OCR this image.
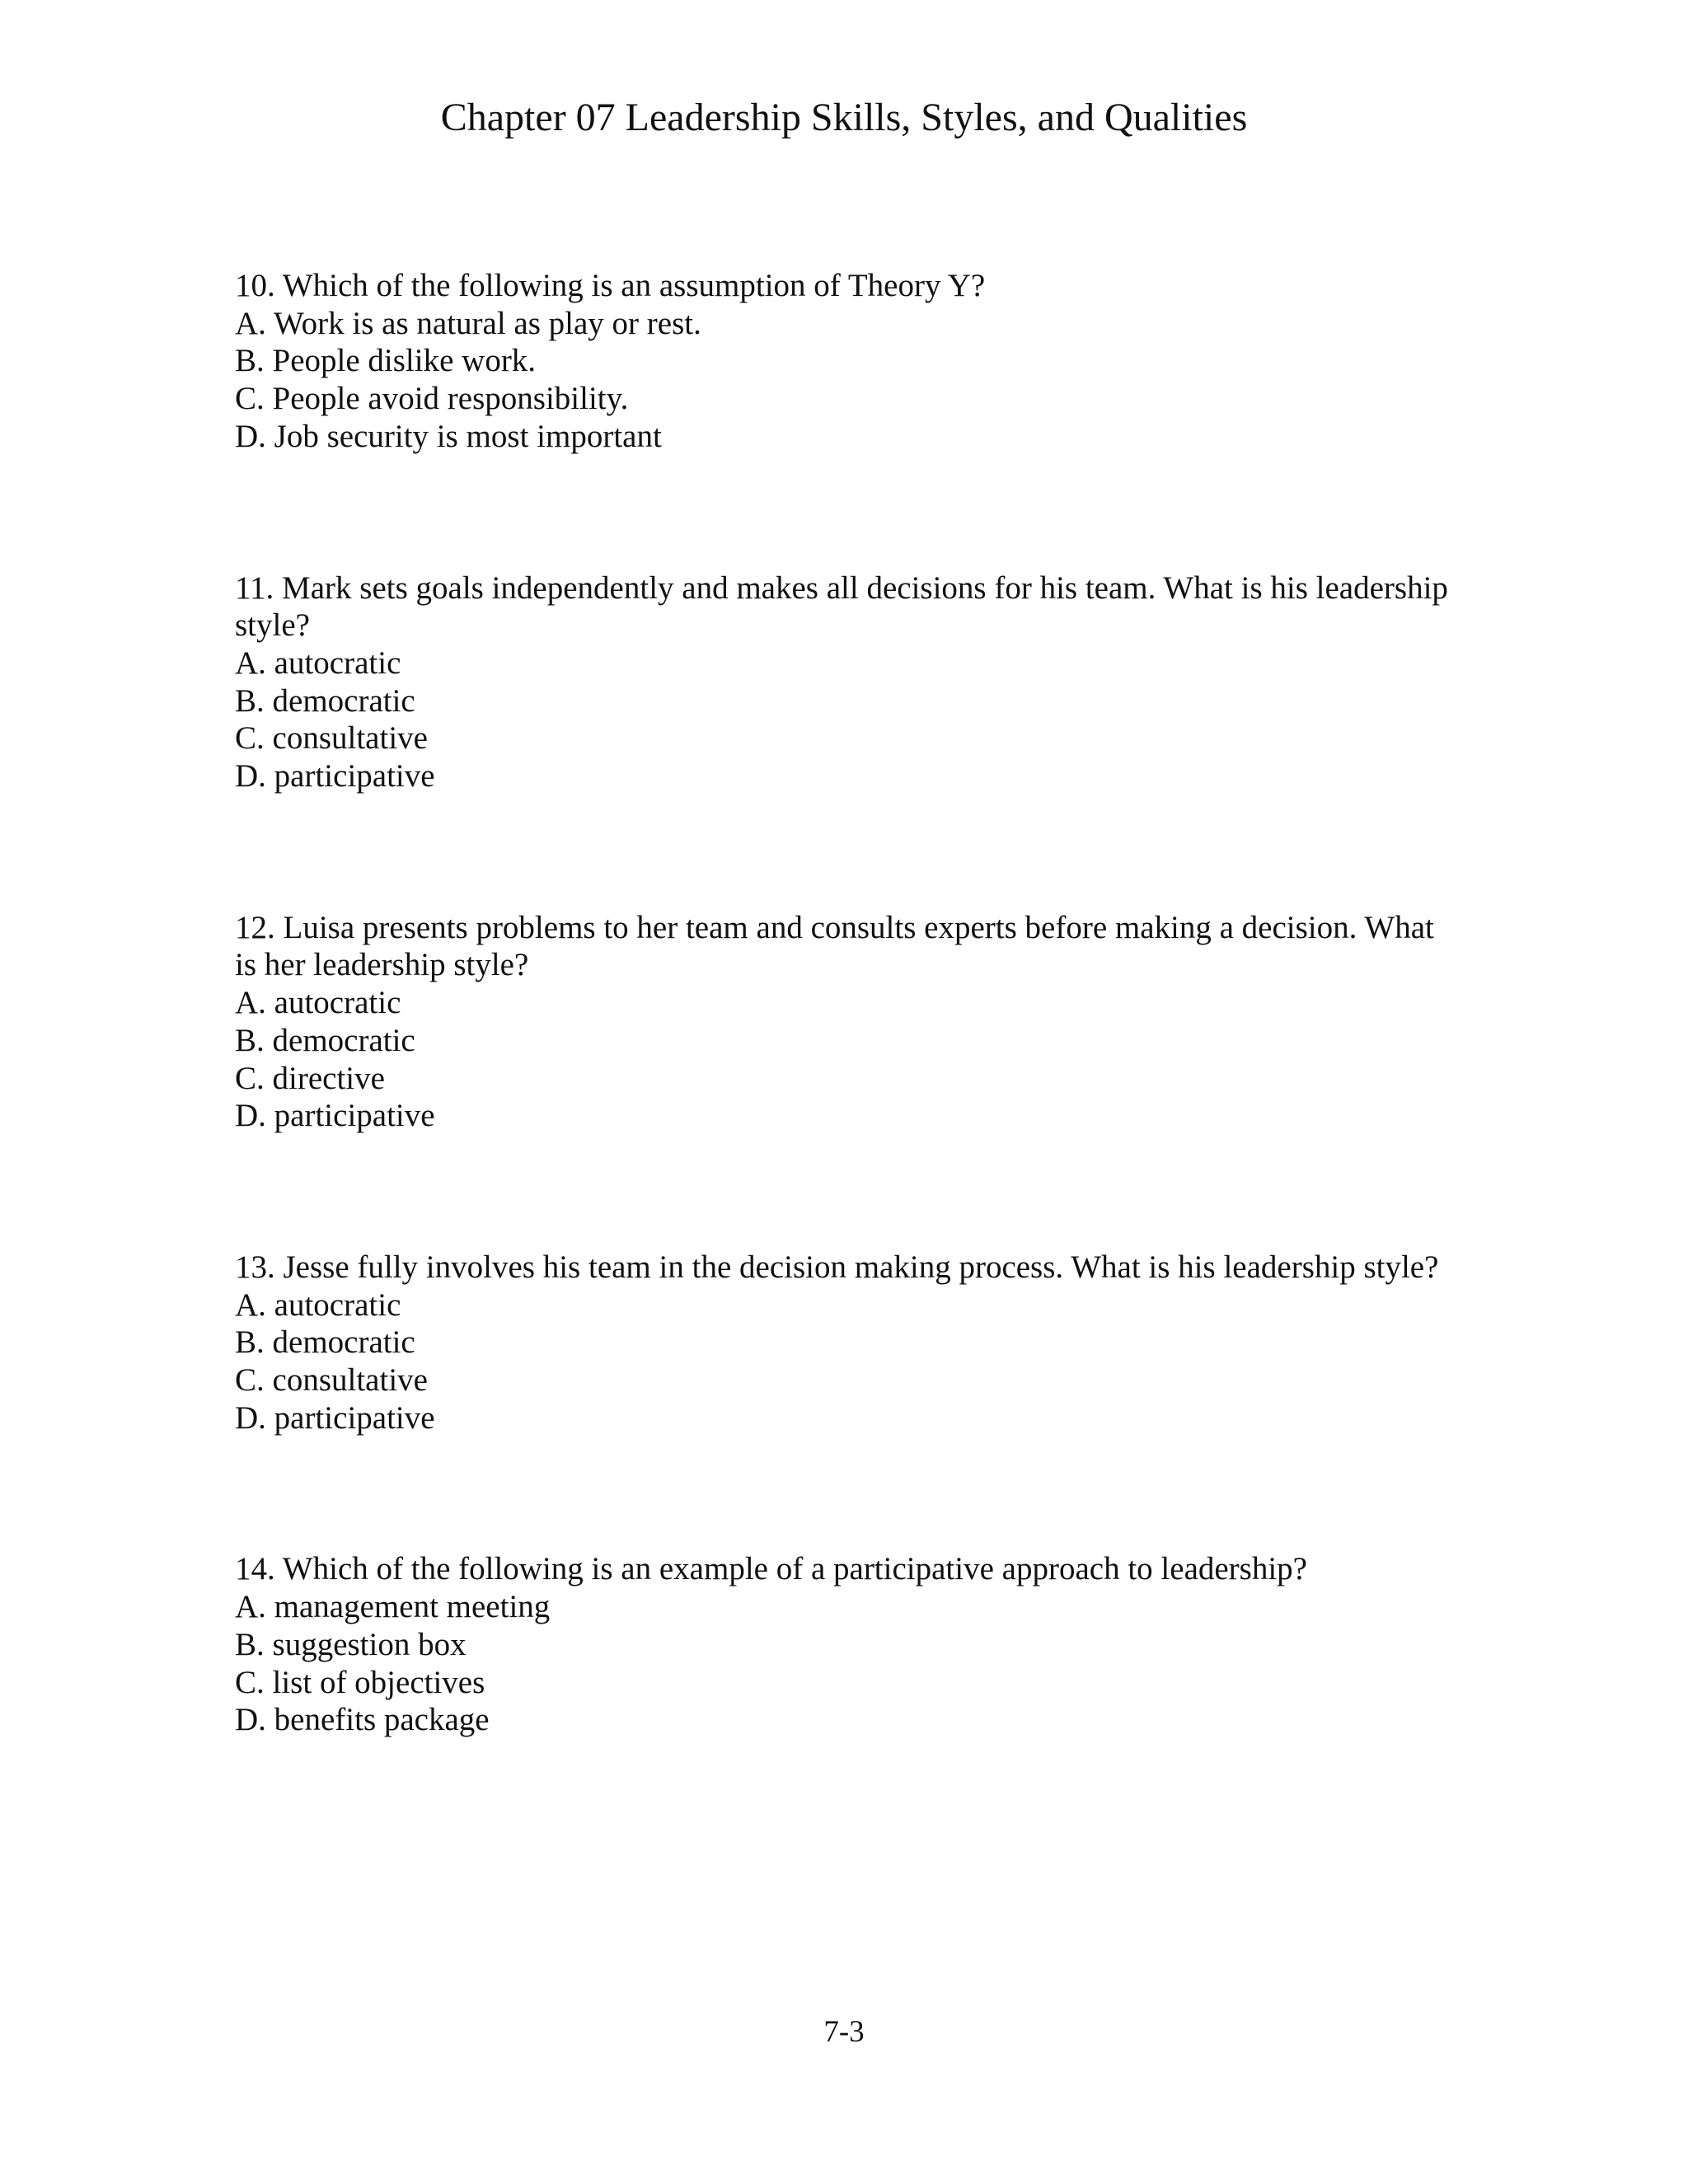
Chapter 07 Leadership Skills, Styles, and Qualities
10. Which of the following is an assumption of Theory Y?
A. Work is as natural as play or rest.
B. People dislike work.
C. People avoid responsibility.
D. Job security is most important
11. Mark sets goals independently and makes all decisions for his team. What is his leadership
style?
A. autocratic
B. democratic
C. consultative
D. participative
12. Luisa presents problems to her team and consults experts before making a decision. What
is her leadership style?
A. autocratic
B. democratic
C. directive
D. participative
13. Jesse fully involves his team in the decision making process. What is his leadership style?
A. autocratic
B. democratic
C. consultative
D. participative
14. Which of the following is an example of a participative approach to leadership?
A. management meeting
B. suggestion box
C. list of objectives
D. benefits package
7-3
